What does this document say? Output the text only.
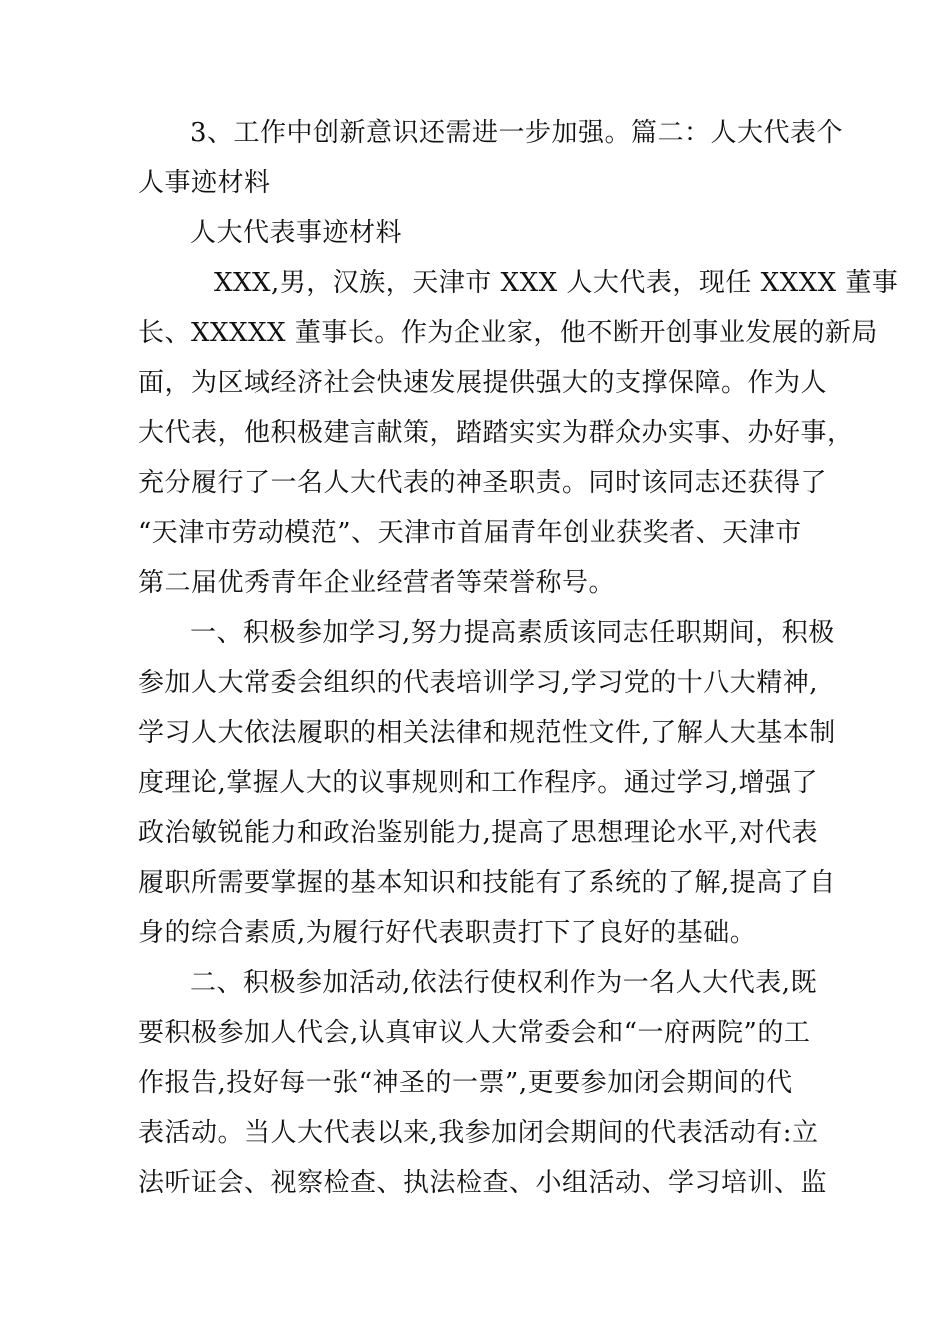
3、工作中创新意识还需进一步加强。篇二：人大代表个
人事迹材料
人大代表事迹材料
XXX,男，汉族，天津市 XXX 人大代表，现任 XXXX 董事
长、XXXXX 董事长。作为企业家，他不断开创事业发展的新局
面，为区域经济社会快速发展提供强大的支撑保障。作为人
大代表，他积极建言献策，踏踏实实为群众办实事、办好事，
充分履行了一名人大代表的神圣职责。同时该同志还获得了
“天津市劳动模范”、天津市首届青年创业获奖者、天津市
第二届优秀青年企业经营者等荣誉称号。
一、积极参加学习,努力提高素质该同志任职期间，积极
参加人大常委会组织的代表培训学习,学习党的十八大精神,
学习人大依法履职的相关法律和规范性文件,了解人大基本制
度理论,掌握人大的议事规则和工作程序。通过学习,增强了
政治敏锐能力和政治鉴别能力,提高了思想理论水平,对代表
履职所需要掌握的基本知识和技能有了系统的了解,提高了自
身的综合素质,为履行好代表职责打下了良好的基础。
二、积极参加活动,依法行使权利作为一名人大代表,既
要积极参加人代会,认真审议人大常委会和“一府两院”的工
作报告,投好每一张“神圣的一票”,更要参加闭会期间的代
表活动。当人大代表以来,我参加闭会期间的代表活动有:立
法听证会、视察检查、执法检查、小组活动、学习培训、监
